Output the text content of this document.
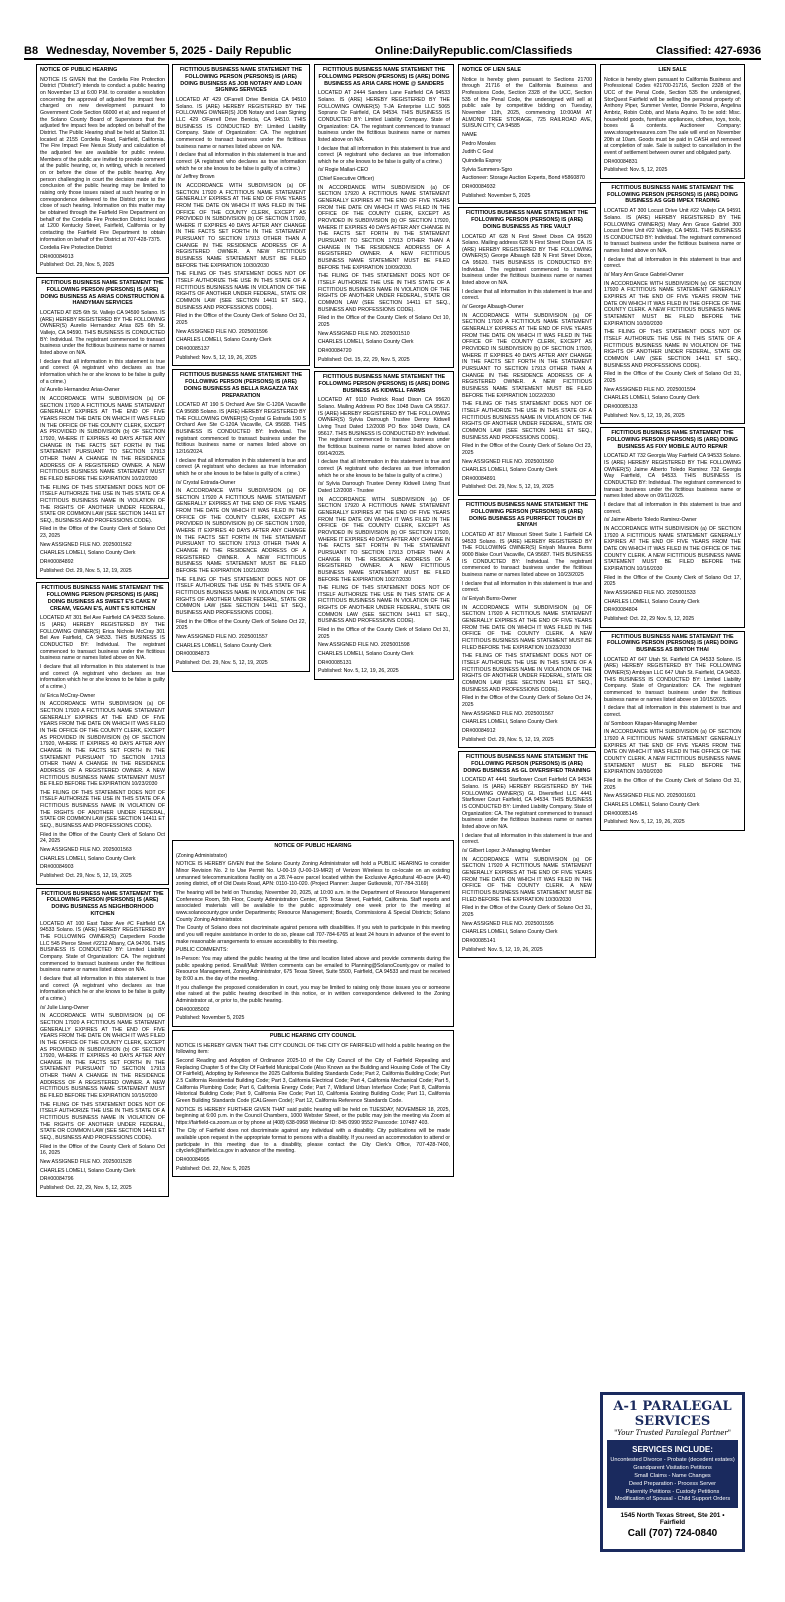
B8 Wednesday, November 5, 2025 - Daily Republic	Online:DailyRepublic.com/Classifieds	Classified: 427-6936
NOTICE OF PUBLIC HEARING

NOTICE IS GIVEN that the Cordelia Fire Protection District ("District") intends to conduct a public hearing on November 13 at 6:00 P.M. to consider a resolution concerning the approval of adjusted fire impact fees charged on new development pursuant to Government Code Section 66000 et al; and request of the Solano County Board of Supervisors that the adjusted fire impact fees be adopted on behalf of the District. The Public Hearing shall be held at Station 31 located at 2155 Cordelia Road, Fairfield, California. The Fire Impact Fee Nexus Study and calculation of the adjusted fee are available for public review. Members of the public are invited to provide comment at the public hearing, or, in writing, which is received on or before the close of the public hearing. Any person challenging in court the decision made at the conclusion of the public hearing may be limited to raising only those issues raised at such hearing or in correspondence delivered to the District prior to the close of such hearing. Information on this matter may be obtained through the Fairfield Fire Department on behalf of the Cordelia Fire Protection District located at 1200 Kentucky Street, Fairfield, California or by contacting the Fairfield Fire Department to obtain information on behalf of the District at 707-428-7375.

Cordelia Fire Protection District

DR#00084913

Published: Oct. 29, Nov. 5, 2025

FICTITIOUS BUSINESS NAME STATEMENT THE FOLLOWING PERSON (PERSONS) IS (ARE) DOING BUSINESS AS ARIAS CONSTRUCTION & HANDYMAN SERVICES

LOCATED AT 825 6th St. Vallejo CA 94590 Solano. IS (ARE) HEREBY REGISTERED BY THE FOLLOWING OWNER(S) Aurelio Hernandez Arias 825 6th St. Vallejo, CA 94590. THIS BUSINESS IS CONDUCTED BY: Individual. The registrant commenced to transact business under the fictitious business name or names listed above on N/A.

I declare that all information in this statement is true and correct (A registrant who declares as true information which he or she knows to be false is guilty of a crime.)

/s/ Aurelio Hernandez Arias-Owner

IN ACCORDANCE WITH SUBDIVISION (a) OF SECTION 17920 A FICTITIOUS NAME STATEMENT GENERALLY EXPIRES AT THE END OF FIVE YEARS FROM THE DATE ON WHICH IT WAS FILED IN THE OFFICE OF THE COUNTY CLERK, EXCEPT AS PROVIDED IN SUBDIVISION (b) OF SECTION 17920, WHERE IT EXPIRES 40 DAYS AFTER ANY CHANGE IN THE FACTS SET FORTH IN THE STATEMENT PURSUANT TO SECTION 17913 OTHER THAN A CHANGE IN THE RESIDENCE ADDRESS OF A REGISTERED OWNER. A NEW FICTITIOUS BUSINESS NAME STATEMENT MUST BE FILED BEFORE THE EXPIRATION 10/22/2030

THE FILING OF THIS STATEMENT DOES NOT OF ITSELF AUTHORIZE THE USE IN THIS STATE OF A FICTITIOUS BUSINESS NAME IN VIOLATION OF THE RIGHTS OF ANOTHER UNDER FEDERAL, STATE OR COMMON LAW (SEE SECTION 14411 ET SEQ., BUSINESS AND PROFESSIONS CODE).

Filed in the Office of the County Clerk of Solano Oct 23, 2025

New ASSIGNED FILE NO. 2025001562

CHARLES LOMELI, Solano County Clerk

DR#00084892

Published: Oct. 29, Nov. 5, 12, 19, 2025

FICTITIOUS BUSINESS NAME STATEMENT THE FOLLOWING PERSON (PERSONS) IS (ARE) DOING BUSINESS AS SWEET E'S CAKE N' CREAM, VEGAN E'S, AUNT E'S KITCHEN

LOCATED AT 301 Bel Ave Fairfield CA 94533 Solano. IS (ARE) HEREBY REGISTERED BY THE FOLLOWING OWNER(S) Erica Nichole McCray 301 Bel Ave Fairfield, CA 94533. THIS BUSINESS IS CONDUCTED BY: Individual. The registrant commenced to transact business under the fictitious business name or names listed above on N/A.

I declare that all information in this statement is true and correct (A registrant who declares as true information which he or she knows to be false is guilty of a crime.)

/s/ Erica McCray-Owner

IN ACCORDANCE WITH SUBDIVISION (a) OF SECTION 17920 A FICTITIOUS NAME STATEMENT GENERALLY EXPIRES AT THE END OF FIVE YEARS FROM THE DATE ON WHICH IT WAS FILED IN THE OFFICE OF THE COUNTY CLERK, EXCEPT AS PROVIDED IN SUBDIVISION (b) OF SECTION 17920, WHERE IT EXPIRES 40 DAYS AFTER ANY CHANGE IN THE FACTS SET FORTH IN THE STATEMENT PURSUANT TO SECTION 17913 OTHER THAN A CHANGE IN THE RESIDENCE ADDRESS OF A REGISTERED OWNER. A NEW FICTITIOUS BUSINESS NAME STATEMENT MUST BE FILED BEFORE THE EXPIRATION 10/23/2030

THE FILING OF THIS STATEMENT DOES NOT OF ITSELF AUTHORIZE THE USE IN THIS STATE OF A FICTITIOUS BUSINESS NAME IN VIOLATION OF THE RIGHTS OF ANOTHER UNDER FEDERAL, STATE OR COMMON LAW (SEE SECTION 14411 ET SEQ., BUSINESS AND PROFESSIONS CODE).

Filed in the Office of the County Clerk of Solano Oct 24, 2025

New ASSIGNED FILE NO. 2025001563

CHARLES LOMELI, Solano County Clerk

DR#00084903

Published: Oct. 29, Nov. 5, 12, 19, 2025

FICTITIOUS BUSINESS NAME STATEMENT THE FOLLOWING PERSON (PERSONS) IS (ARE) DOING BUSINESS AS NEIGHBORHOOD KITCHEN

LOCATED AT 100 East Tabor Ave #C Fairfield CA 94533 Solano. IS (ARE) HEREBY REGISTERED BY THE FOLLOWING OWNER(S) Carpediem Foodie LLC 545 Pierce Street #2212 Albany, CA 94706. THIS BUSINESS IS CONDUCTED BY: Limited Liability Company. State of Organization: CA. The registrant commenced to transact business under the fictitious business name or names listed above on N/A.

I declare that all information in this statement is true and correct (A registrant who declares as true information which he or she knows to be false is guilty of a crime.)

/s/ Julie Liang-Owner

IN ACCORDANCE WITH SUBDIVISION (a) OF SECTION 17920 A FICTITIOUS NAME STATEMENT GENERALLY EXPIRES AT THE END OF FIVE YEARS FROM THE DATE ON WHICH IT WAS FILED IN THE OFFICE OF THE COUNTY CLERK, EXCEPT AS PROVIDED IN SUBDIVISION (b) OF SECTION 17920, WHERE IT EXPIRES 40 DAYS AFTER ANY CHANGE IN THE FACTS SET FORTH IN THE STATEMENT PURSUANT TO SECTION 17913 OTHER THAN A CHANGE IN THE RESIDENCE ADDRESS OF A REGISTERED OWNER. A NEW FICTITIOUS BUSINESS NAME STATEMENT MUST BE FILED BEFORE THE EXPIRATION 10/15/2030

THE FILING OF THIS STATEMENT DOES NOT OF ITSELF AUTHORIZE THE USE IN THIS STATE OF A FICTITIOUS BUSINESS NAME IN VIOLATION OF THE RIGHTS OF ANOTHER UNDER FEDERAL, STATE OR COMMON LAW (SEE SECTION 14411 ET SEQ., BUSINESS AND PROFESSIONS CODE).

Filed in the Office of the County Clerk of Solano Oct 16, 2025

New ASSIGNED FILE NO. 2025001528

CHARLES LOMELI, Solano County Clerk

DR#00084796

Published: Oct. 22, 29, Nov. 5, 12, 2025

FICTITIOUS BUSINESS NAME STATEMENT THE FOLLOWING PERSON (PERSONS) IS (ARE) DOING BUSINESS AS JOB NOTARY AND LOAN SIGNING SERVICES

LOCATED AT 429 OFarrell Drive Benicia CA 94510 Solano. IS (ARE) HEREBY REGISTERED BY THE FOLLOWING OWNER(S) JOB Notary and Loan Signing LLC 429 OFarrell Drive Benicia, CA 94510. THIS BUSINESS IS CONDUCTED BY: Limited Liability Company. State of Organization: CA. The registrant commenced to transact business under the fictitious business name or names listed above on N/A.

I declare that all information in this statement is true and correct (A registrant who declares as true information which he or she knows to be false is guilty of a crime.)

/s/ Jeffrey Brown

IN ACCORDANCE WITH SUBDIVISION (a) OF SECTION 17920 A FICTITIOUS NAME STATEMENT GENERALLY EXPIRES AT THE END OF FIVE YEARS FROM THE DATE ON WHICH IT WAS FILED IN THE OFFICE OF THE COUNTY CLERK, EXCEPT AS PROVIDED IN SUBDIVISION (b) OF SECTION 17920, WHERE IT EXPIRES 40 DAYS AFTER ANY CHANGE IN THE FACTS SET FORTH IN THE STATEMENT PURSUANT TO SECTION 17913 OTHER THAN A CHANGE IN THE RESIDENCE ADDRESS OF A REGISTERED OWNER. A NEW FICTITIOUS BUSINESS NAME STATEMENT MUST BE FILED BEFORE THE EXPIRATION 10/30/2030

THE FILING OF THIS STATEMENT DOES NOT OF ITSELF AUTHORIZE THE USE IN THIS STATE OF A FICTITIOUS BUSINESS NAME IN VIOLATION OF THE RIGHTS OF ANOTHER UNDER FEDERAL, STATE OR COMMON LAW (SEE SECTION 14411 ET SEQ., BUSINESS AND PROFESSIONS CODE).

Filed in the Office of the County Clerk of Solano Oct 31, 2025

New ASSIGNED FILE NO. 2025001596

CHARLES LOMELI, Solano County Clerk

DR#00085137

Published: Nov. 5, 12, 19, 26, 2025

FICTITIOUS BUSINESS NAME STATEMENT THE FOLLOWING PERSON (PERSONS) IS (ARE) DOING BUSINESS AS BELLA RAGAZZA TAX PREPARATION

LOCATED AT 190 S Orchard Ave Ste C-120A Vacaville CA 95688 Solano. IS (ARE) HEREBY REGISTERED BY THE FOLLOWING OWNER(S) Crystal G Estrada 190 S Orchard Ave Ste C-120A Vacaville, CA 95688. THIS BUSINESS IS CONDUCTED BY: Individual. The registrant commenced to transact business under the fictitious business name or names listed above on 12/16/2024.

I declare that all information in this statement is true and correct (A registrant who declares as true information which he or she knows to be false is guilty of a crime.)

/s/ Crystal Estrada-Owner

IN ACCORDANCE WITH SUBDIVISION (a) OF SECTION 17920 A FICTITIOUS NAME STATEMENT GENERALLY EXPIRES AT THE END OF FIVE YEARS FROM THE DATE ON WHICH IT WAS FILED IN THE OFFICE OF THE COUNTY CLERK, EXCEPT AS PROVIDED IN SUBDIVISION (b) OF SECTION 17920, WHERE IT EXPIRES 40 DAYS AFTER ANY CHANGE IN THE FACTS SET FORTH IN THE STATEMENT PURSUANT TO SECTION 17913 OTHER THAN A CHANGE IN THE RESIDENCE ADDRESS OF A REGISTERED OWNER. A NEW FICTITIOUS BUSINESS NAME STATEMENT MUST BE FILED BEFORE THE EXPIRATION 10/21/2030

THE FILING OF THIS STATEMENT DOES NOT OF ITSELF AUTHORIZE THE USE IN THIS STATE OF A FICTITIOUS BUSINESS NAME IN VIOLATION OF THE RIGHTS OF ANOTHER UNDER FEDERAL, STATE OR COMMON LAW (SEE SECTION 14411 ET SEQ., BUSINESS AND PROFESSIONS CODE).

Filed in the Office of the County Clerk of Solano Oct 22, 2025

New ASSIGNED FILE NO. 2025001557

CHARLES LOMELI, Solano County Clerk

DR#00084873

Published: Oct. 29, Nov. 5, 12, 19, 2025

FICTITIOUS BUSINESS NAME STATEMENT THE FOLLOWING PERSON (PERSONS) IS (ARE) DOING BUSINESS AS ARIA CARE HOME @ SANDERS

LOCATED AT 2444 Sanders Lane Fairfield CA 94533 Solano. IS (ARE) HEREBY REGISTERED BY THE FOLLOWING OWNER(S) T-JA Enterprise LLC 5065 Soprano Cir Fairfield, CA 94534. THIS BUSINESS IS CONDUCTED BY: Limited Liability Company. State of Organization: CA. The registrant commenced to transact business under the fictitious business name or names listed above on N/A.

I declare that all information in this statement is true and correct (A registrant who declares as true information which he or she knows to be false is guilty of a crime.)

/s/ Rogie Mallari-CEO

(Chief Executive Officer)

IN ACCORDANCE WITH SUBDIVISION (a) OF SECTION 17920 A FICTITIOUS NAME STATEMENT GENERALLY EXPIRES AT THE END OF FIVE YEARS FROM THE DATE ON WHICH IT WAS FILED IN THE OFFICE OF THE COUNTY CLERK, EXCEPT AS PROVIDED IN SUBDIVISION (b) OF SECTION 17920, WHERE IT EXPIRES 40 DAYS AFTER ANY CHANGE IN THE FACTS SET FORTH IN THE STATEMENT PURSUANT TO SECTION 17913 OTHER THAN A CHANGE IN THE RESIDENCE ADDRESS OF A REGISTERED OWNER. A NEW FICTITIOUS BUSINESS NAME STATEMENT MUST BE FILED BEFORE THE EXPIRATION 10/09/2030.

THE FILING OF THIS STATEMENT DOES NOT OF ITSELF AUTHORIZE THE USE IN THIS STATE OF A FICTITIOUS BUSINESS NAME IN VIOLATION OF THE RIGHTS OF ANOTHER UNDER FEDERAL, STATE OR COMMON LAW (SEE SECTION 14411 ET SEQ., BUSINESS AND PROFESSIONS CODE).

Filed in the Office of the County Clerk of Solano Oct 10, 2025

New ASSIGNED FILE NO. 2025001510

CHARLES LOMELI, Solano County Clerk

DR#00084720

Published: Oct. 15, 22, 29, Nov. 5, 2025

FICTITIOUS BUSINESS NAME STATEMENT THE FOLLOWING PERSON (PERSONS) IS (ARE) DOING BUSINESS AS KIDWELL FARMS

LOCATED AT 9110 Pedrick Road Dixon CA 95620 Solano. Mailing Address PO Box 1048 Davis CA 95617. IS (ARE) HEREBY REGISTERED BY THE FOLLOWING OWNER(S) Sylvia Darrough Trustee Denny Kidwell Living Trust Dated 12/2008 PO Box 1048 Davis, CA 95617. THIS BUSINESS IS CONDUCTED BY: Individual. The registrant commenced to transact business under the fictitious business name or names listed above on 09/14/2025.

I declare that all information in this statement is true and correct (A registrant who declares as true information which he or she knows to be false is guilty of a crime.)

/s/ Sylvia Darrough Trustee Denny Kidwell Living Trust Dated 12/2008 - Trustee

IN ACCORDANCE WITH SUBDIVISION (a) OF SECTION 17920 A FICTITIOUS NAME STATEMENT GENERALLY EXPIRES AT THE END OF FIVE YEARS FROM THE DATE ON WHICH IT WAS FILED IN THE OFFICE OF THE COUNTY CLERK, EXCEPT AS PROVIDED IN SUBDIVISION (b) OF SECTION 17920, WHERE IT EXPIRES 40 DAYS AFTER ANY CHANGE IN THE FACTS SET FORTH IN THE STATEMENT PURSUANT TO SECTION 17913 OTHER THAN A CHANGE IN THE RESIDENCE ADDRESS OF A REGISTERED OWNER. A NEW FICTITIOUS BUSINESS NAME STATEMENT MUST BE FILED BEFORE THE EXPIRATION 10/27/2030

THE FILING OF THIS STATEMENT DOES NOT OF ITSELF AUTHORIZE THE USE IN THIS STATE OF A FICTITIOUS BUSINESS NAME IN VIOLATION OF THE RIGHTS OF ANOTHER UNDER FEDERAL, STATE OR COMMON LAW (SEE SECTION 14411 ET SEQ., BUSINESS AND PROFESSIONS CODE).

Filed in the Office of the County Clerk of Solano Oct 31, 2025

New ASSIGNED FILE NO. 2025001598

CHARLES LOMELI, Solano County Clerk

DR#00085131

Published: Nov. 5, 12, 19, 26, 2025

NOTICE OF LIEN SALE

Notice is hereby given pursuant to Sections 21700 through 21716 of the California Business and Professions Code, Section 2328 of the UCC, Section 535 of the Penal Code, the undersigned will sell at public sale by competitive bidding on Tuesday, November 11th, 2025, commencing 10:00AM AT ALMOND TREE STORAGE, 725 RAILROAD AVE, SUISUN CITY, CA 94585

NAME

Pedro Morales

Judith C Goul

Quindella Esprey

Sylvia Summers-Sgro

Auctioneer: Storage Auction Experts, Bond #5860870

DR#00084932

Published: November 5, 2025

FICTITIOUS BUSINESS NAME STATEMENT THE FOLLOWING PERSON (PERSONS) IS (ARE) DOING BUSINESS AS TIRE VAULT

LOCATED AT 628 N First Street Dixon CA 95620 Solano. Mailing address 628 N First Street Dixon CA. IS (ARE) HEREBY REGISTERED BY THE FOLLOWING OWNER(S) George Albaugh 628 N First Street Dixon, CA 95620. THIS BUSINESS IS CONDUCTED BY: Individual. The registrant commenced to transact business under the fictitious business name or names listed above on N/A.

I declare that all information in this statement is true and correct.

/s/ George Albaugh-Owner

IN ACCORDANCE WITH SUBDIVISION (a) OF SECTION 17920 A FICTITIOUS NAME STATEMENT GENERALLY EXPIRES AT THE END OF FIVE YEARS FROM THE DATE ON WHICH IT WAS FILED IN THE OFFICE OF THE COUNTY CLERK, EXCEPT AS PROVIDED IN SUBDIVISION (b) OF SECTION 17920, WHERE IT EXPIRES 40 DAYS AFTER ANY CHANGE IN THE FACTS SET FORTH IN THE STATEMENT PURSUANT TO SECTION 17913 OTHER THAN A CHANGE IN THE RESIDENCE ADDRESS OF A REGISTERED OWNER. A NEW FICTITIOUS BUSINESS NAME STATEMENT MUST BE FILED BEFORE THE EXPIRATION 10/22/2030

THE FILING OF THIS STATEMENT DOES NOT OF ITSELF AUTHORIZE THE USE IN THIS STATE OF A FICTITIOUS BUSINESS NAME IN VIOLATION OF THE RIGHTS OF ANOTHER UNDER FEDERAL, STATE OR COMMON LAW (SEE SECTION 14411 ET SEQ., BUSINESS AND PROFESSIONS CODE).

Filed in the Office of the County Clerk of Solano Oct 23, 2025

New ASSIGNED FILE NO. 2025001560

CHARLES LOMELI, Solano County Clerk

DR#00084891

Published: Oct. 29, Nov. 5, 12, 19, 2025

FICTITIOUS BUSINESS NAME STATEMENT THE FOLLOWING PERSON (PERSONS) IS (ARE) DOING BUSINESS AS PURRFECT TOUCH BY ENIYAH

LOCATED AT 817 Missouri Street Suite 1 Fairfield CA 94533 Solano. IS (ARE) HEREBY REGISTERED BY THE FOLLOWING OWNER(S) Eniyah Maurea Burns 9000 Blake Court Vacaville, CA 95687. THIS BUSINESS IS CONDUCTED BY: Individual. The registrant commenced to transact business under the fictitious business name or names listed above on 10/23/2025

I declare that all information in this statement is true and correct.

/s/ Eniyah Burns-Owner

IN ACCORDANCE WITH SUBDIVISION (a) OF SECTION 17920 A FICTITIOUS NAME STATEMENT GENERALLY EXPIRES AT THE END OF FIVE YEARS FROM THE DATE ON WHICH IT WAS FILED IN THE OFFICE OF THE COUNTY CLERK. A NEW FICTITIOUS BUSINESS NAME STATEMENT MUST BE FILED BEFORE THE EXPIRATION 10/23/2030

THE FILING OF THIS STATEMENT DOES NOT OF ITSELF AUTHORIZE THE USE IN THIS STATE OF A FICTITIOUS BUSINESS NAME IN VIOLATION OF THE RIGHTS OF ANOTHER UNDER FEDERAL, STATE OR COMMON LAW (SEE SECTION 14411 ET SEQ., BUSINESS AND PROFESSIONS CODE).

Filed in the Office of the County Clerk of Solano Oct 24, 2025

New ASSIGNED FILE NO. 2025001567

CHARLES LOMELI, Solano County Clerk

DR#00084912

Published: Oct. 29, Nov. 5, 12, 19, 2025

FICTITIOUS BUSINESS NAME STATEMENT THE FOLLOWING PERSON (PERSONS) IS (ARE) DOING BUSINESS AS GL DIVERSIFIED TRAINING

LOCATED AT 4441 Starflower Court Fairfield CA 94534 Solano. IS (ARE) HEREBY REGISTERED BY THE FOLLOWING OWNER(S) GL Diversified LLC 4441 Starflower Court Fairfield, CA 94534. THIS BUSINESS IS CONDUCTED BY: Limited Liability Company. State of Organization: CA. The registrant commenced to transact business under the fictitious business name or names listed above on N/A.

I declare that all information in this statement is true and correct.

/s/ Gilbert Lopez Jr-Managing Member

IN ACCORDANCE WITH SUBDIVISION (a) OF SECTION 17920 A FICTITIOUS NAME STATEMENT GENERALLY EXPIRES AT THE END OF FIVE YEARS FROM THE DATE ON WHICH IT WAS FILED IN THE OFFICE OF THE COUNTY CLERK. A NEW FICTITIOUS BUSINESS NAME STATEMENT MUST BE FILED BEFORE THE EXPIRATION 10/30/2030

Filed in the Office of the County Clerk of Solano Oct 31, 2025

New ASSIGNED FILE NO. 2025001595

CHARLES LOMELI, Solano County Clerk

DR#00085141

Published: Nov. 5, 12, 19, 26, 2025

LIEN SALE

Notice is hereby given pursuant to California Business and Professional Codes #21700-21716, Section 2328 of the UCC of the Penal Code, Section 535 the undersigned, StorQuest Fairfield will be selling the personal property of: Anthony Piper, Summer Venter, Donnie Pickens, Angelina Ambriz, Robin Cobb, and Maria Aquino. To be sold: Misc. household goods, furniture appliances, clothes, toys, tools, boxes & contents. Auctioneer Company: www.storagetreasures.com The sale will end on November 20th at 10am. Goods must be paid in CASH and removed at completion of sale. Sale is subject to cancellation in the event of settlement between owner and obligated party.

DR#00084831

Published: Nov. 5, 12, 2025

FICTITIOUS BUSINESS NAME STATEMENT THE FOLLOWING PERSON (PERSONS) IS (ARE) DOING BUSINESS AS GGB IMPEX TRADING

LOCATED AT 300 Locust Drive Unit #22 Vallejo CA 94591 Solano. IS (ARE) HEREBY REGISTERED BY THE FOLLOWING OWNER(S) Mary Ann Grace Gabriel 300 Locust Drive Unit #22 Vallejo, CA 94591. THIS BUSINESS IS CONDUCTED BY: Individual. The registrant commenced to transact business under the fictitious business name or names listed above on N/A.

I declare that all information in this statement is true and correct.

/s/ Mary Ann Grace Gabriel-Owner

IN ACCORDANCE WITH SUBDIVISION (a) OF SECTION 17920 A FICTITIOUS NAME STATEMENT GENERALLY EXPIRES AT THE END OF FIVE YEARS FROM THE DATE ON WHICH IT WAS FILED IN THE OFFICE OF THE COUNTY CLERK. A NEW FICTITIOUS BUSINESS NAME STATEMENT MUST BE FILED BEFORE THE EXPIRATION 10/30/2030

THE FILING OF THIS STATEMENT DOES NOT OF ITSELF AUTHORIZE THE USE IN THIS STATE OF A FICTITIOUS BUSINESS NAME IN VIOLATION OF THE RIGHTS OF ANOTHER UNDER FEDERAL, STATE OR COMMON LAW (SEE SECTION 14411 ET SEQ., BUSINESS AND PROFESSIONS CODE).

Filed in the Office of the County Clerk of Solano Oct 31, 2025

New ASSIGNED FILE NO. 2025001594

CHARLES LOMELI, Solano County Clerk

DR#00085133

Published: Nov. 5, 12, 19, 26, 2025

FICTITIOUS BUSINESS NAME STATEMENT THE FOLLOWING PERSON (PERSONS) IS (ARE) DOING BUSINESS AS FIXY MOBILE AUTO REPAIR

LOCATED AT 732 Georgia Way Fairfield CA 94533 Solano. IS (ARE) HEREBY REGISTERED BY THE FOLLOWING OWNER(S) Jaime Alberto Toledo Ramirez 732 Georgia Way Fairfield, CA 94533. THIS BUSINESS IS CONDUCTED BY: Individual. The registrant commenced to transact business under the fictitious business name or names listed above on 09/11/2025.

I declare that all information in this statement is true and correct.

/s/ Jaime Alberto Toledo Ramirez-Owner

IN ACCORDANCE WITH SUBDIVISION (a) OF SECTION 17920 A FICTITIOUS NAME STATEMENT GENERALLY EXPIRES AT THE END OF FIVE YEARS FROM THE DATE ON WHICH IT WAS FILED IN THE OFFICE OF THE COUNTY CLERK. A NEW FICTITIOUS BUSINESS NAME STATEMENT MUST BE FILED BEFORE THE EXPIRATION 10/16/2030

Filed in the Office of the County Clerk of Solano Oct 17, 2025

New ASSIGNED FILE NO. 2025001533

CHARLES LOMELI, Solano County Clerk

DR#00084804

Published: Oct. 22, 29 Nov. 5, 12, 2025

FICTITIOUS BUSINESS NAME STATEMENT THE FOLLOWING PERSON (PERSONS) IS (ARE) DOING BUSINESS AS BINTOH THAI

LOCATED AT 647 Utah St. Fairfield CA 94533 Solano. IS (ARE) HEREBY REGISTERED BY THE FOLLOWING OWNER(S) Ambiyan LLC 647 Utah St. Fairfield, CA 94533. THIS BUSINESS IS CONDUCTED BY: Limited Liability Company. State of Organization: CA. The registrant commenced to transact business under the fictitious business name or names listed above on 10/15/2025.

I declare that all information in this statement is true and correct.

/s/ Somboon Kitapan-Managing Member

IN ACCORDANCE WITH SUBDIVISION (a) OF SECTION 17920 A FICTITIOUS NAME STATEMENT GENERALLY EXPIRES AT THE END OF FIVE YEARS FROM THE DATE ON WHICH IT WAS FILED IN THE OFFICE OF THE COUNTY CLERK. A NEW FICTITIOUS BUSINESS NAME STATEMENT MUST BE FILED BEFORE THE EXPIRATION 10/30/2030

Filed in the Office of the County Clerk of Solano Oct 31, 2025

New ASSIGNED FILE NO. 2025001601

CHARLES LOMELI, Solano County Clerk

DR#00085145

Published: Nov. 5, 12, 19, 26, 2025

NOTICE OF PUBLIC HEARING

(Zoning Administrator)

NOTICE IS HEREBY GIVEN that the Solano County Zoning Administrator will hold a PUBLIC HEARING to consider Minor Revision No. 2 to Use Permit No. U-00-19 (U-00-19-MR2) of Verizon Wireless to co-locate on an existing unmanned telecommunications facility on a 28.74-acre parcel located within the Exclusive Agricultural 40-acre (A-40) zoning district, off of Old Davis Road, APN: 0110-110-020. (Project Planner: Jasper Gutkowski, 707-784-3169)

The hearing will be held on Thursday, November 20, 2025, at 10:00 a.m. in the Department of Resource Management Conference Room, 5th Floor, County Administration Center, 675 Texas Street, Fairfield, California. Staff reports and associated materials will be available to the public approximately one week prior to the meeting at www.solanocounty.gov under Departments; Resource Management; Boards, Commissions & Special Districts; Solano County Zoning Administrator.

The County of Solano does not discriminate against persons with disabilities. If you wish to participate in this meeting and you will require assistance in order to do so, please call 707-784-6765 at least 24 hours in advance of the event to make reasonable arrangements to ensure accessibility to this meeting.

PUBLIC COMMENTS:

In-Person: You may attend the public hearing at the time and location listed above and provide comments during the public speaking period. Email/Mail: Written comments can be emailed to Planning@SolanoCounty.gov or mailed to Resource Management, Zoning Administrator, 675 Texas Street, Suite 5500, Fairfield, CA 94533 and must be received by 8:00 a.m. the day of the meeting.

If you challenge the proposed consideration in court, you may be limited to raising only those issues you or someone else raised at the public hearing described in this notice, or in written correspondence delivered to the Zoning Administrator at, or prior to, the public hearing.

DR#00085002

Published: November 5, 2025

PUBLIC HEARING CITY COUNCIL

NOTICE IS HEREBY GIVEN THAT THE CITY COUNCIL OF THE CITY OF FAIRFIELD will hold a public hearing on the following item:

Second Reading and Adoption of Ordinance 2025-10 of the City Council of the City of Fairfield Repealing and Replacing Chapter 5 of the City Of Fairfield Municipal Code (Also Known as the Building and Housing Code of The City Of Fairfield), Adopting by Reference the 2025 California Building Standards Code; Part 2, California Building Code; Part 2.5 California Residential Building Code; Part 3, California Electrical Code; Part 4, California Mechanical Code; Part 5, California Plumbing Code; Part 6, California Energy Code; Part 7, Wildland Urban Interface Code; Part 8, California Historical Building Code; Part 9, California Fire Code; Part 10, California Existing Building Code; Part 11, California Green Building Standards Code (CALGreen Code); Part 12, California Reference Standards Code.

NOTICE IS HEREBY FURTHER GIVEN THAT said public hearing will be held on TUESDAY, NOVEMBER 18, 2025, beginning at 6:00 p.m. in the Council Chambers, 1000 Webster Street, or the public may join the meeting via Zoom at https://fairfield-ca.zoom.us or by phone at (408) 638-0968 Webinar ID: 845 0990 9552 Passcode: 107487 403.

The City of Fairfield does not discriminate against any individual with a disability. City publications will be made available upon request in the appropriate format to persons with a disability. If you need an accommodation to attend or participate in this meeting due to a disability, please contact the City Clerk's Office, 707-428-7400, cityclerk@fairfield.ca.gov in advance of the meeting.

DR#00084995

Published: Oct. 22, Nov. 5, 2025

A-1 PARALEGAL SERVICES
"Your Trusted Paralegal Partner"
SERVICES INCLUDE:
Uncontested Divorce - Probate (decedent estates)
Grandparent Visitation Petitions
Small Claims - Name Changes
Deed Preparation - Process Server
Paternity Petitions - Custody Petitions
Modification of Spousal - Child Support Orders
1545 North Texas Street, Ste 201 • Fairfield
Call (707) 724-0840
